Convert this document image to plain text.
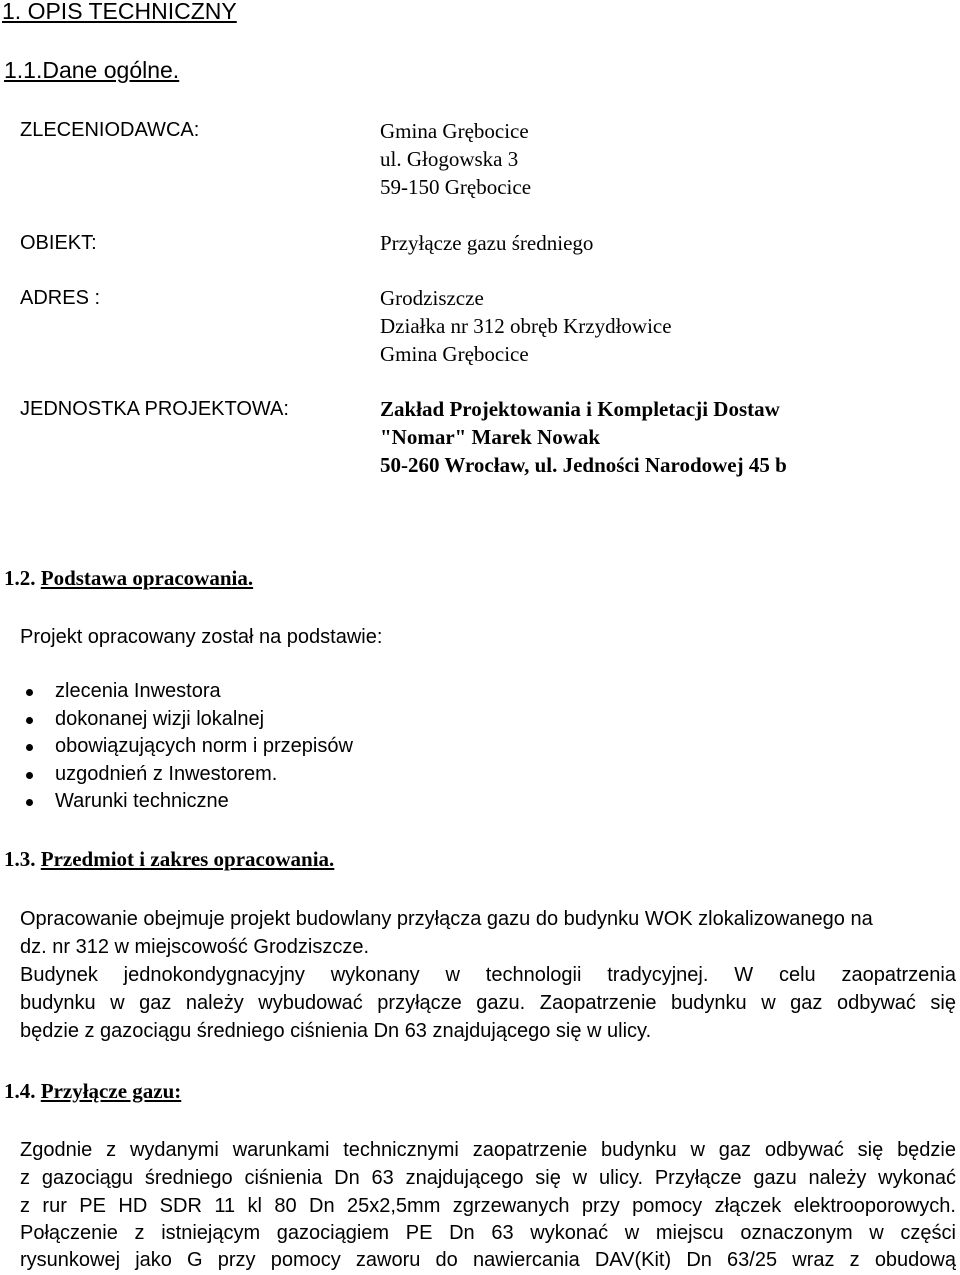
1. OPIS TECHNICZNY
1.1.Dane ogólne.
ZLECENIODAWCA:
OBIEKT:
ADRES :
JEDNOSTKA PROJEKTOWA:
Gmina Grębocice
ul. Głogowska 3
59-150 Grębocice
Przyłącze gazu średniego
Grodziszcze
Działka nr 312 obręb Krzydłowice
Gmina Grębocice
Zakład Projektowania i Kompletacji Dostaw
"Nomar" Marek Nowak
50-260 Wrocław, ul. Jedności Narodowej 45 b
1.2. Podstawa opracowania.
Projekt opracowany został na podstawie:
zlecenia Inwestora
dokonanej wizji lokalnej
obowiązujących norm i przepisów
uzgodnień z Inwestorem.
Warunki techniczne
1.3. Przedmiot i zakres opracowania.
Opracowanie obejmuje projekt budowlany przyłącza gazu do budynku WOK zlokalizowanego na
dz. nr 312 w miejscowość Grodziszcze.
Budynek jednokondygnacyjny wykonany w technologii tradycyjnej. W celu zaopatrzenia
budynku w gaz należy wybudować przyłącze gazu. Zaopatrzenie budynku w gaz odbywać się
będzie z gazociągu średniego ciśnienia Dn 63 znajdującego się w ulicy.
1.4. Przyłącze gazu:
Zgodnie z wydanymi warunkami technicznymi zaopatrzenie budynku w gaz odbywać się będzie
z gazociągu średniego ciśnienia Dn 63 znajdującego się w ulicy. Przyłącze gazu należy wykonać
z rur PE HD SDR 11 kl 80 Dn 25x2,5mm zgrzewanych przy pomocy złączek elektrooporowych.
Połączenie z istniejącym gazociągiem PE Dn 63 wykonać w miejscu oznaczonym w części
rysunkowej jako G przy pomocy zaworu do nawiercania DAV(Kit) Dn 63/25 wraz z obudową
